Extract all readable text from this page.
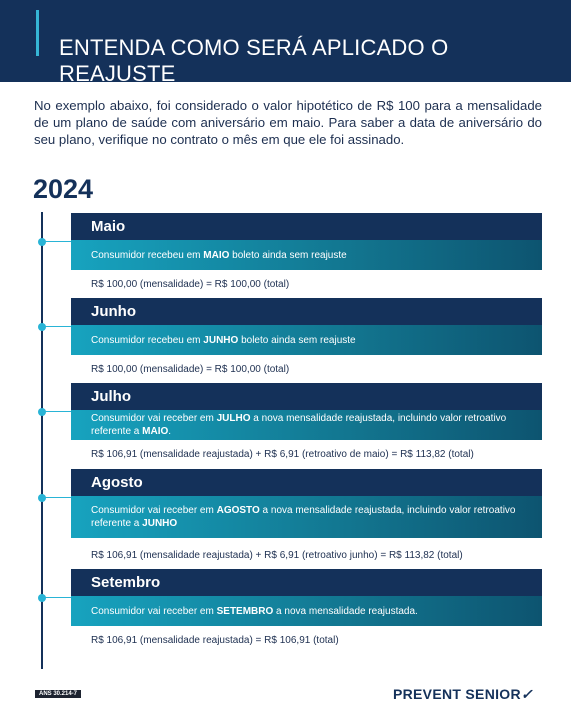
ENTENDA COMO SERÁ APLICADO O REAJUSTE
No exemplo abaixo, foi considerado o valor hipotético de R$ 100 para a mensalidade de um plano de saúde com aniversário em maio. Para saber a data de aniversário do seu plano, verifique no contrato o mês em que ele foi assinado.
2024
Maio
Consumidor recebeu em MAIO boleto ainda sem reajuste
R$ 100,00 (mensalidade) = R$ 100,00 (total)
Junho
Consumidor recebeu em JUNHO boleto ainda sem reajuste
R$ 100,00 (mensalidade) = R$ 100,00 (total)
Julho
Consumidor vai receber em JULHO a nova mensalidade reajustada, incluindo valor retroativo referente a MAIO.
R$ 106,91 (mensalidade reajustada) + R$ 6,91 (retroativo de maio) = R$ 113,82 (total)
Agosto
Consumidor vai receber em AGOSTO a nova mensalidade reajustada, incluindo valor retroativo referente a JUNHO
R$ 106,91 (mensalidade reajustada) + R$ 6,91 (retroativo junho) = R$ 113,82 (total)
Setembro
Consumidor vai receber em SETEMBRO a nova mensalidade reajustada.
R$ 106,91 (mensalidade reajustada) = R$ 106,91 (total)
ANS 30.214-7	PREVENT SENIOR✓
